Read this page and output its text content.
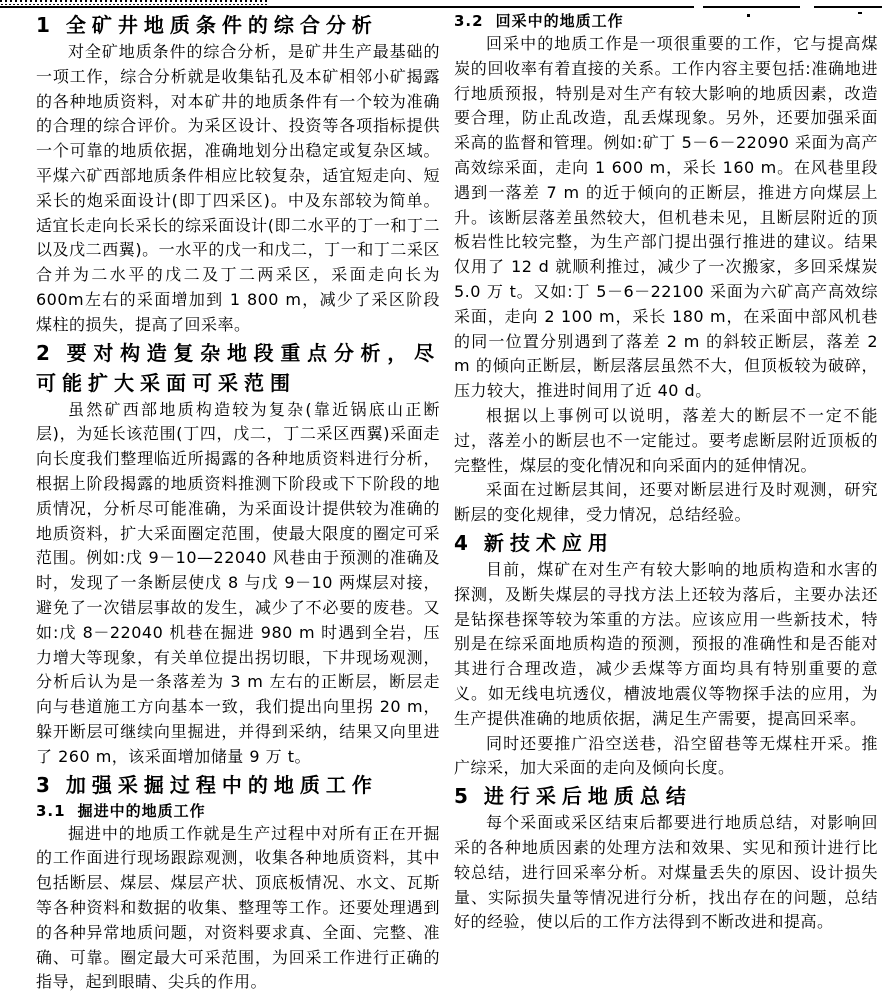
1 全矿井地质条件的综合分析

对全矿地质条件的综合分析，是矿井生产最基础的一项工作，综合分析就是收集钻孔及本矿相邻小矿揭露的各种地质资料，对本矿井的地质条件有一个较为准确的合理的综合评价。为采区设计、投资等各项指标提供一个可靠的地质依据，准确地划分出稳定或复杂区域。平煤六矿西部地质条件相应比较复杂，适宜短走向、短采长的炮采面设计(即丁四采区)。中及东部较为简单。适宜长走向长采长的综采面设计(即二水平的丁一和丁二以及戊二西翼)。一水平的戊一和戊二，丁一和丁二采区合并为二水平的戊二及丁二两采区，采面走向长为600m左右的采面增加到 1 800 m，减少了采区阶段煤柱的损失，提高了回采率。

2 要对构造复杂地段重点分析，尽可能扩大采面可采范围

虽然矿西部地质构造较为复杂(靠近锅底山正断层)，为延长该范围(丁四，戊二，丁二采区西翼)采面走向长度我们整理临近所揭露的各种地质资料进行分析，根据上阶段揭露的地质资料推测下阶段或下下阶段的地质情况，分析尽可能准确，为采面设计提供较为准确的地质资料，扩大采面圈定范围，使最大限度的圈定可采范围。例如:戊 9－10—22040 风巷由于预测的准确及时，发现了一条断层使戊 8 与戊 9－10 两煤层对接，避免了一次错层事故的发生，减少了不必要的废巷。又如:戊 8－22040 机巷在掘进 980 m 时遇到全岩，压力增大等现象，有关单位提出拐切眼，下井现场观测，分析后认为是一条落差为 3 m 左右的正断层，断层走向与巷道施工方向基本一致，我们提出向里拐 20 m，躲开断层可继续向里掘进，并得到采纳，结果又向里进了 260 m，该采面增加储量 9 万 t。

3 加强采掘过程中的地质工作
3.1 掘进中的地质工作

掘进中的地质工作就是生产过程中对所有正在开掘的工作面进行现场跟踪观测，收集各种地质资料，其中包括断层、煤层、煤层产状、顶底板情况、水文、瓦斯等各种资料和数据的收集、整理等工作。还要处理遇到的各种异常地质问题，对资料要求真、全面、完整、准确、可靠。圈定最大可采范围，为回采工作进行正确的指导，起到眼睛、尖兵的作用。

3.2 回采中的地质工作

回采中的地质工作是一项很重要的工作，它与提高煤炭的回收率有着直接的关系。工作内容主要包括:准确地进行地质预报，特别是对生产有较大影响的地质因素，改造要合理，防止乱改造，乱丢煤现象。另外，还要加强采面采高的监督和管理。例如:矿丁 5－6－22090 采面为高产高效综采面，走向 1 600 m，采长 160 m。在风巷里段遇到一落差 7 m 的近于倾向的正断层，推进方向煤层上升。该断层落差虽然较大，但机巷未见，且断层附近的顶板岩性比较完整，为生产部门提出强行推进的建议。结果仅用了 12 d 就顺利推过，减少了一次搬家，多回采煤炭 5.0 万 t。又如:丁 5－6－22100 采面为六矿高产高效综采面，走向 2 100 m，采长 180 m，在采面中部风机巷的同一位置分别遇到了落差 2 m 的斜较正断层，落差 2 m 的倾向正断层，断层落层虽然不大，但顶板较为破碎，压力较大，推进时间用了近 40 d。

根据以上事例可以说明，落差大的断层不一定不能过，落差小的断层也不一定能过。要考虑断层附近顶板的完整性，煤层的变化情况和向采面内的延伸情况。

采面在过断层其间，还要对断层进行及时观测，研究断层的变化规律，受力情况，总结经验。

4 新技术应用

目前，煤矿在对生产有较大影响的地质构造和水害的探测，及断失煤层的寻找方法上还较为落后，主要办法还是钻探巷探等较为笨重的方法。应该应用一些新技术，特别是在综采面地质构造的预测，预报的准确性和是否能对其进行合理改造，减少丢煤等方面均具有特别重要的意义。如无线电坑透仪，槽波地震仪等物探手法的应用，为生产提供准确的地质依据，满足生产需要，提高回采率。

同时还要推广沿空送巷，沿空留巷等无煤柱开采。推广综采，加大采面的走向及倾向长度。

5 进行采后地质总结

每个采面或采区结束后都要进行地质总结，对影响回采的各种地质因素的处理方法和效果、实见和预计进行比较总结，进行回采率分析。对煤量丢失的原因、设计损失量、实际损失量等情况进行分析，找出存在的问题，总结好的经验，使以后的工作方法得到不断改进和提高。
